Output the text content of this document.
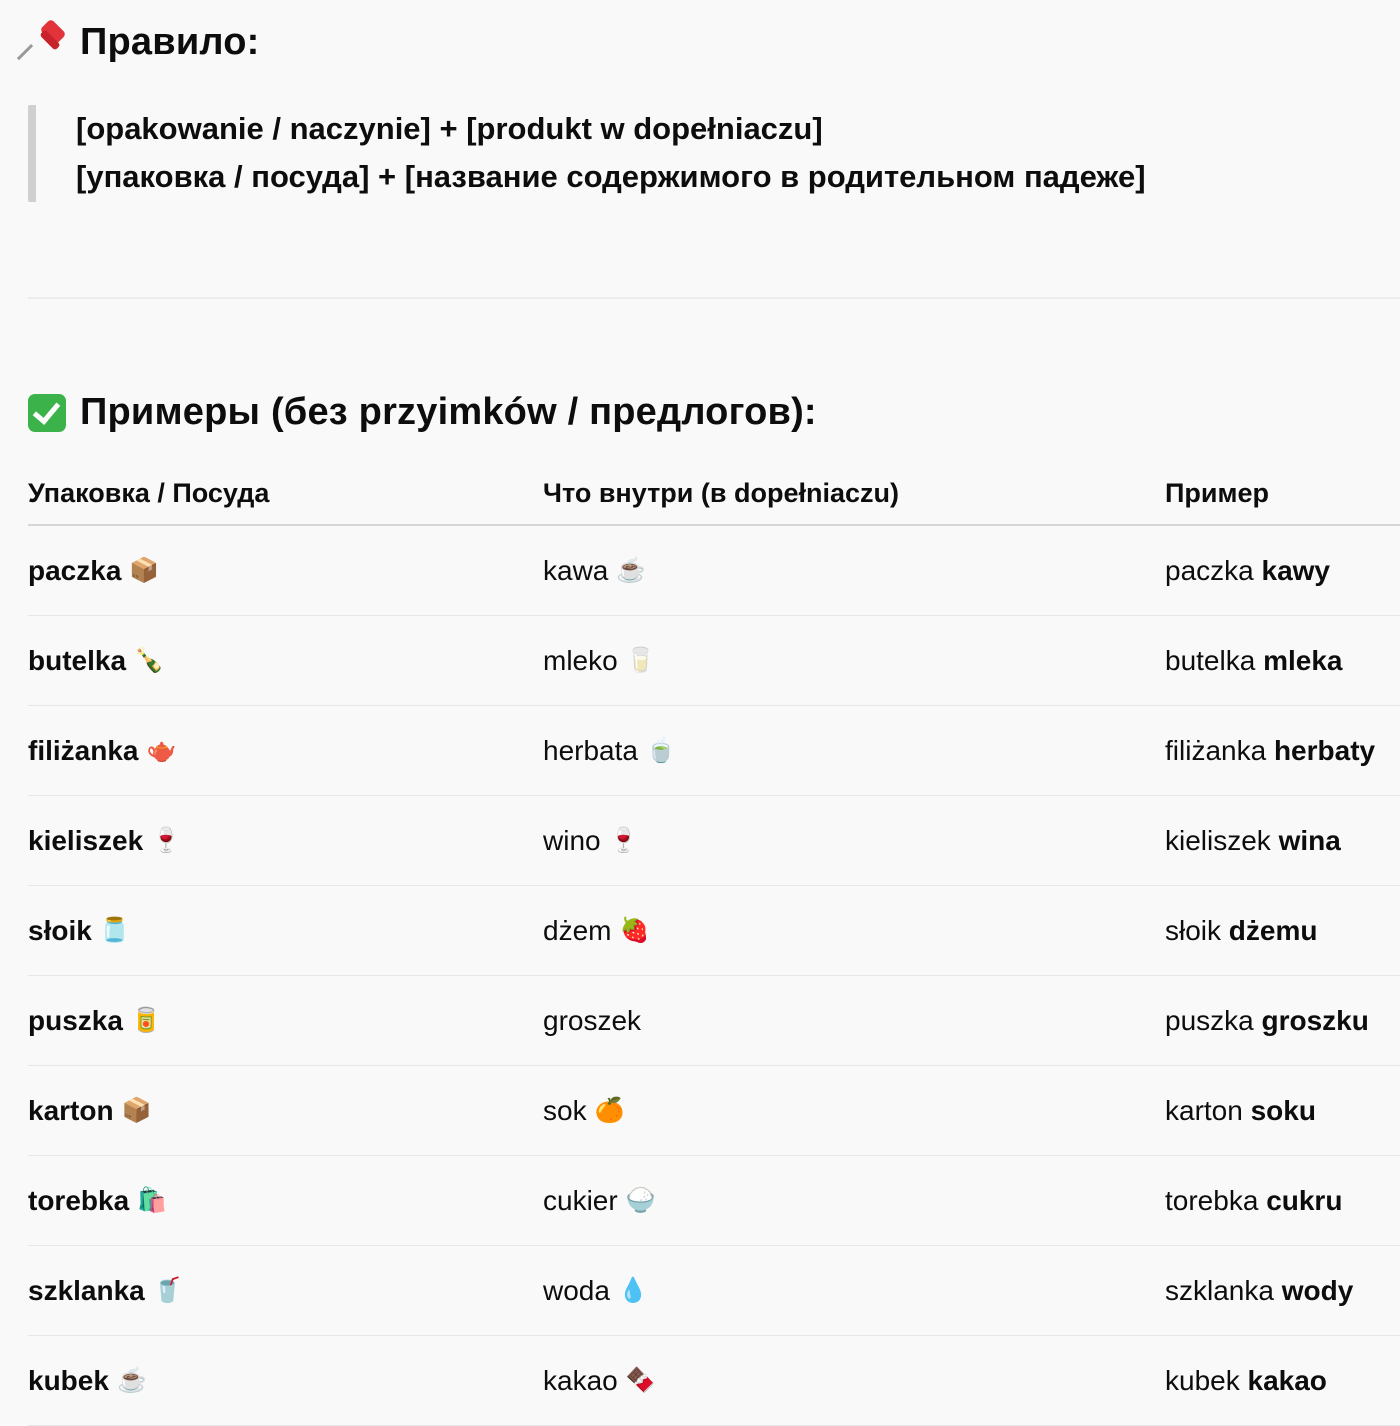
Правило:
[opakowanie / naczynie] + [produkt w dopełniaczu]
[упаковка / посуда] + [название содержимого в родительном падеже]
Примеры (без przyimków / предлогов):
Упаковка / Посуда	Что внутри (в dopełniaczu)	Пример
paczka 📦	kawa ☕	paczka kawy
butelka 🍾	mleko 🥛	butelka mleka
filiżanka 🫖	herbata 🍵	filiżanka herbaty
kieliszek 🍷	wino 🍷	kieliszek wina
słoik 🫙	dżem 🍓	słoik dżemu
puszka 🥫	groszek	puszka groszku
karton 📦	sok 🍊	karton soku
torebka 🛍️	cukier 🍚	torebka cukru
szklanka 🥤	woda 💧	szklanka wody
kubek ☕	kakao 🍫	kubek kakao
